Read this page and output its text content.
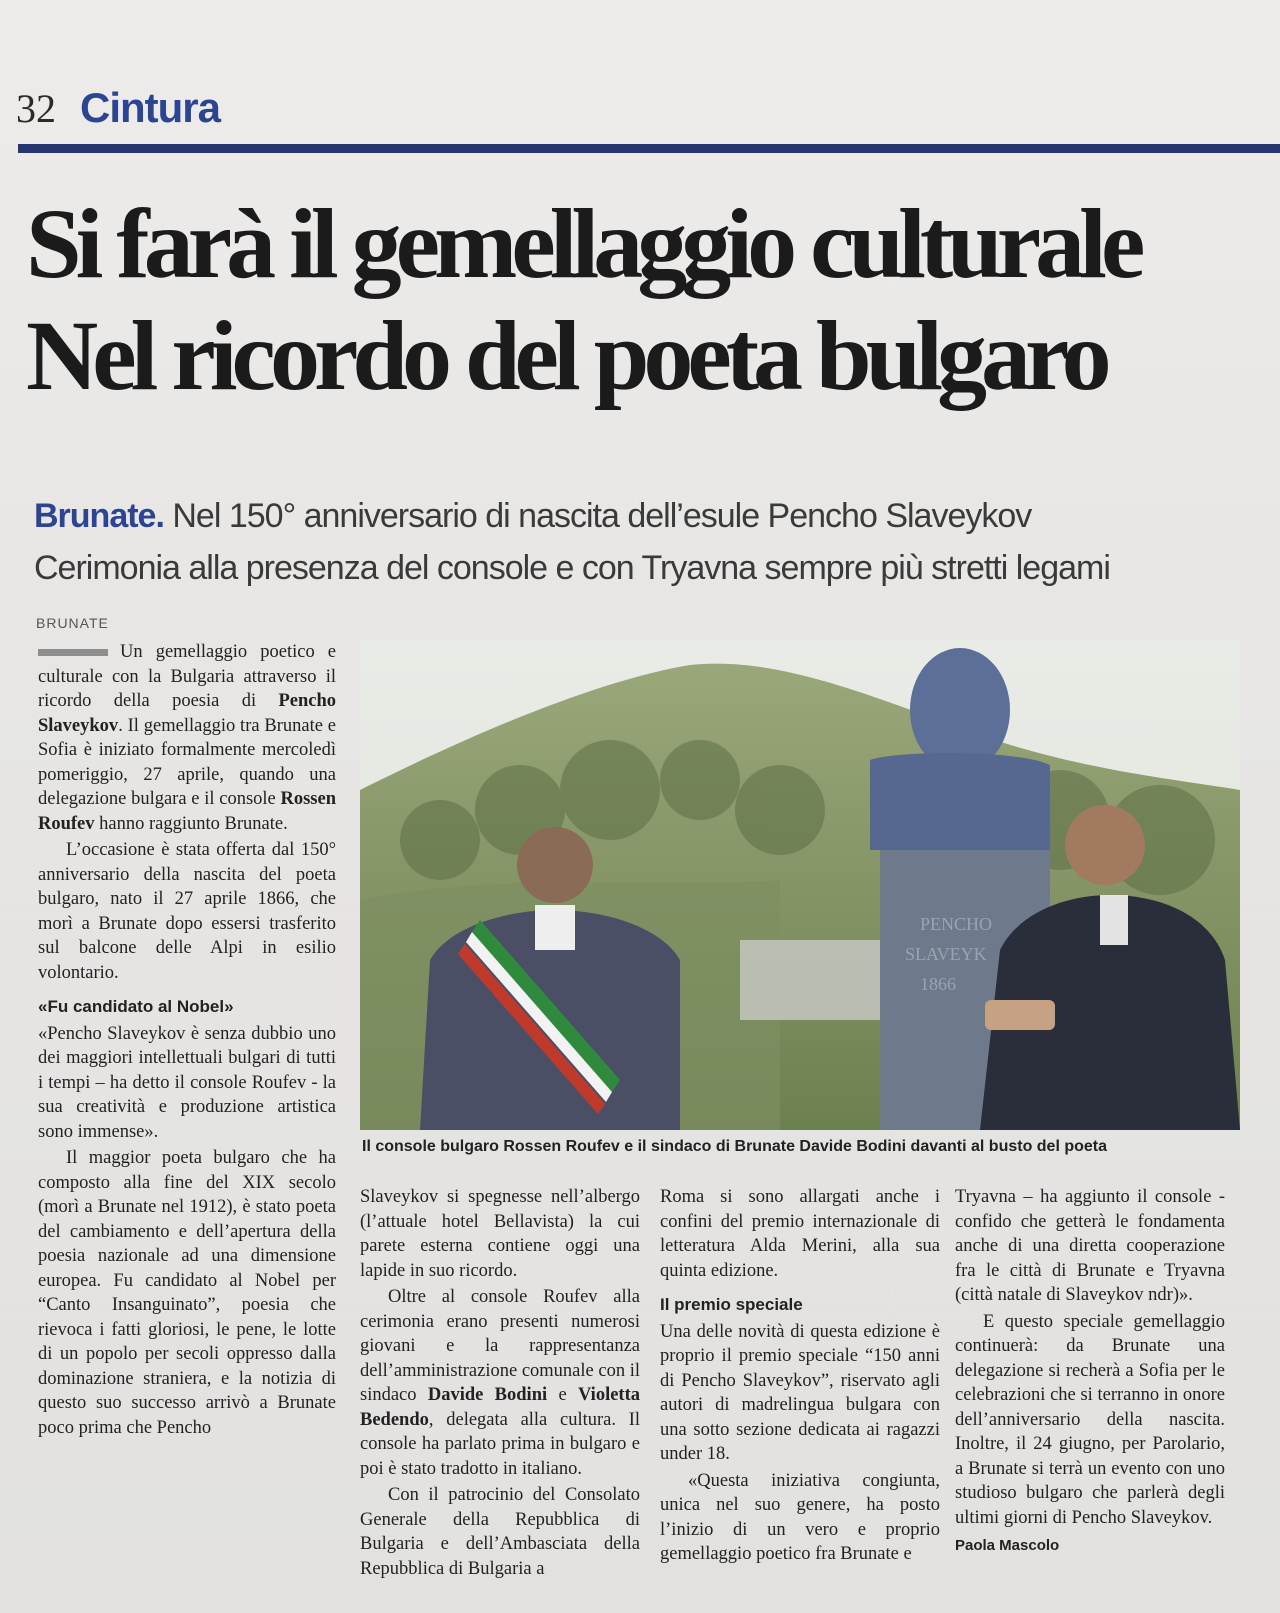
32 Cintura
Si farà il gemellaggio culturale
Nel ricordo del poeta bulgaro
Brunate. Nel 150° anniversario di nascita dell’esule Pencho Slaveykov
Cerimonia alla presenza del console e con Tryavna sempre più stretti legami
BRUNATE

Un gemellaggio poetico e culturale con la Bulgaria attraverso il ricordo della poesia di Pencho Slaveykov. Il gemellaggio tra Brunate e Sofia è iniziato formalmente mercoledì pomeriggio, 27 aprile, quando una delegazione bulgara e il console Rossen Roufev hanno raggiunto Brunate.

L’occasione è stata offerta dal 150° anniversario della nascita del poeta bulgaro, nato il 27 aprile 1866, che morì a Brunate dopo essersi trasferito sul balcone delle Alpi in esilio volontario.

«Fu candidato al Nobel»

«Pencho Slaveykov è senza dubbio uno dei maggiori intellettuali bulgari di tutti i tempi – ha detto il console Roufev - la sua creatività e produzione artistica sono immense».

Il maggior poeta bulgaro che ha composto alla fine del XIX secolo (morì a Brunate nel 1912), è stato poeta del cambiamento e dell’apertura della poesia nazionale ad una dimensione europea. Fu candidato al Nobel per “Canto Insanguinato”, poesia che rievoca i fatti gloriosi, le pene, le lotte di un popolo per secoli oppresso dalla dominazione straniera, e la notizia di questo suo successo arrivò a Brunate poco prima che Pencho

PENCHO
SLAVEYK
1866
Il console bulgaro Rossen Roufev e il sindaco di Brunate Davide Bodini davanti al busto del poeta

Slaveykov si spegnesse nell’albergo (l’attuale hotel Bellavista) la cui parete esterna contiene oggi una lapide in suo ricordo.

Oltre al console Roufev alla cerimonia erano presenti numerosi giovani e la rappresentanza dell’amministrazione comunale con il sindaco Davide Bodini e Violetta Bedendo, delegata alla cultura. Il console ha parlato prima in bulgaro e poi è stato tradotto in italiano.

Con il patrocinio del Consolato Generale della Repubblica di Bulgaria e dell’Ambasciata della Repubblica di Bulgaria a

Roma si sono allargati anche i confini del premio internazionale di letteratura Alda Merini, alla sua quinta edizione.

Il premio speciale

Una delle novità di questa edizione è proprio il premio speciale “150 anni di Pencho Slaveykov”, riservato agli autori di madrelingua bulgara con una sotto sezione dedicata ai ragazzi under 18.

«Questa iniziativa congiunta, unica nel suo genere, ha posto l’inizio di un vero e proprio gemellaggio poetico fra Brunate e

Tryavna – ha aggiunto il console - confido che getterà le fondamenta anche di una diretta cooperazione fra le città di Brunate e Tryavna (città natale di Slaveykov ndr)».

E questo speciale gemellaggio continuerà: da Brunate una delegazione si recherà a Sofia per le celebrazioni che si terranno in onore dell’anniversario della nascita. Inoltre, il 24 giugno, per Parolario, a Brunate si terrà un evento con uno studioso bulgaro che parlerà degli ultimi giorni di Pencho Slaveykov.

Paola Mascolo
